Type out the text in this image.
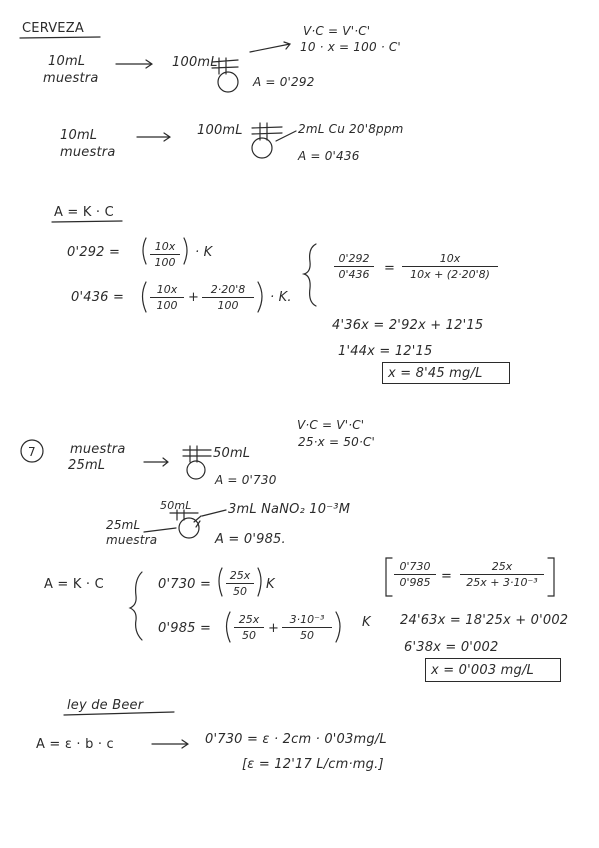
CERVEZA	V·C = V'·C'
10 · x = 100 · C'
10mL
muestra
100mL
A = 0'292
10mL
muestra
100mL	2mL Cu 20'8ppm
A = 0'436
A = K · C
0'292 =	$\frac{10x}{100} \cdot K$
$0'436 = \frac{10x}{100} + \frac{2\cdot 20'8}{100} \cdot K$.
$\frac{0'292}{0'436} = \frac{10x}{10x + (2\cdot 20'8)}$
4'36x = 2'92x + 12'15
1'44x = 12'15
x = 8'45 mg/L
7
V·C = V'·C'
25·x = 50·C'
muestra
25mL
50mL
A = 0'730
50mL	3mL NaNO₂ 10⁻³M
25mL
muestra	A = 0'985.
A = K · C	$0'730 = \frac{25x}{50}$ K
$0'985 = \frac{25x}{50} + \frac{\text{3·10⁻³}}{50}$ K
$\frac{0'730}{0'985} = \frac{25x}{\text{25x + 3·10⁻³}}$
24'63x = 18'25x + 0'002
6'38x = 0'002
x = 0'003 mg/L
ley de Beer
A = ε · b · c	0'730 = ε · 2cm · 0'03mg/L
[ε = 12'17 L/cm·mg.]
